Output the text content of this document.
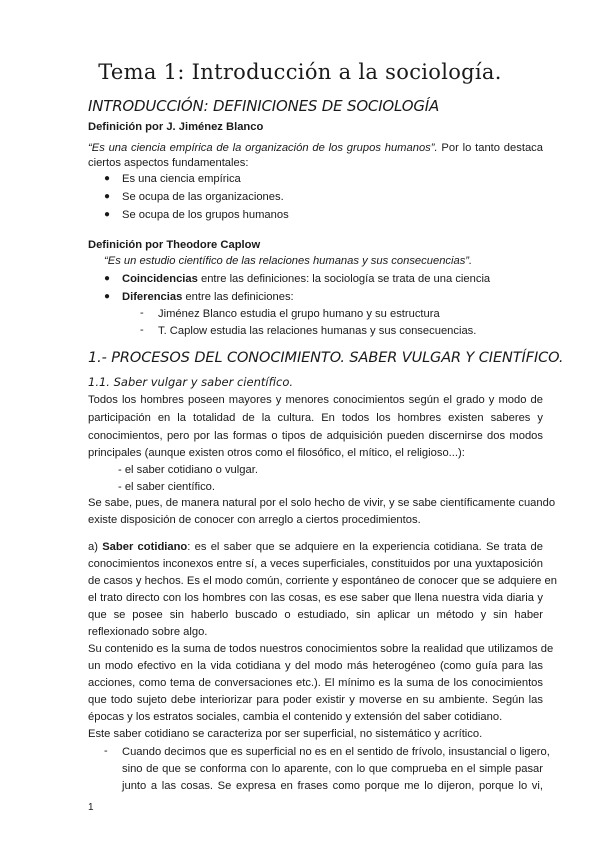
Tema 1: Introducción a la sociología.
INTRODUCCIÓN: DEFINICIONES DE SOCIOLOGÍA
Definición por J. Jiménez Blanco
“Es una ciencia empírica de la organización de los grupos humanos”. Por lo tanto destaca
ciertos aspectos fundamentales:
● Es una ciencia empírica
● Se ocupa de las organizaciones.
● Se ocupa de los grupos humanos
Definición por Theodore Caplow
“Es un estudio científico de las relaciones humanas y sus consecuencias”.
● Coincidencias entre las definiciones: la sociología se trata de una ciencia
● Diferencias entre las definiciones:
- Jiménez Blanco estudia el grupo humano y su estructura
- T. Caplow estudia las relaciones humanas y sus consecuencias.
1.- PROCESOS DEL CONOCIMIENTO. SABER VULGAR Y CIENTÍFICO.
1.1. Saber vulgar y saber científico.
Todos los hombres poseen mayores y menores conocimientos según el grado y modo de
participación en la totalidad de la cultura. En todos los hombres existen saberes y
conocimientos, pero por las formas o tipos de adquisición pueden discernirse dos modos
principales (aunque existen otros como el filosófico, el mítico, el religioso...):
- el saber cotidiano o vulgar.
- el saber científico.
Se sabe, pues, de manera natural por el solo hecho de vivir, y se sabe científicamente cuando
existe disposición de conocer con arreglo a ciertos procedimientos.
a) Saber cotidiano: es el saber que se adquiere en la experiencia cotidiana. Se trata de
conocimientos inconexos entre sí, a veces superficiales, constituidos por una yuxtaposición
de casos y hechos. Es el modo común, corriente y espontáneo de conocer que se adquiere en
el trato directo con los hombres con las cosas, es ese saber que llena nuestra vida diaria y
que se posee sin haberlo buscado o estudiado, sin aplicar un método y sin haber
reflexionado sobre algo.
Su contenido es la suma de todos nuestros conocimientos sobre la realidad que utilizamos de
un modo efectivo en la vida cotidiana y del modo más heterogéneo (como guía para las
acciones, como tema de conversaciones etc.). El mínimo es la suma de los conocimientos
que todo sujeto debe interiorizar para poder existir y moverse en su ambiente. Según las
épocas y los estratos sociales, cambia el contenido y extensión del saber cotidiano.
Este saber cotidiano se caracteriza por ser superficial, no sistemático y acrítico.
- Cuando decimos que es superficial no es en el sentido de frívolo, insustancial o ligero,
sino de que se conforma con lo aparente, con lo que comprueba en el simple pasar
junto a las cosas. Se expresa en frases como porque me lo dijeron, porque lo vi,
1
